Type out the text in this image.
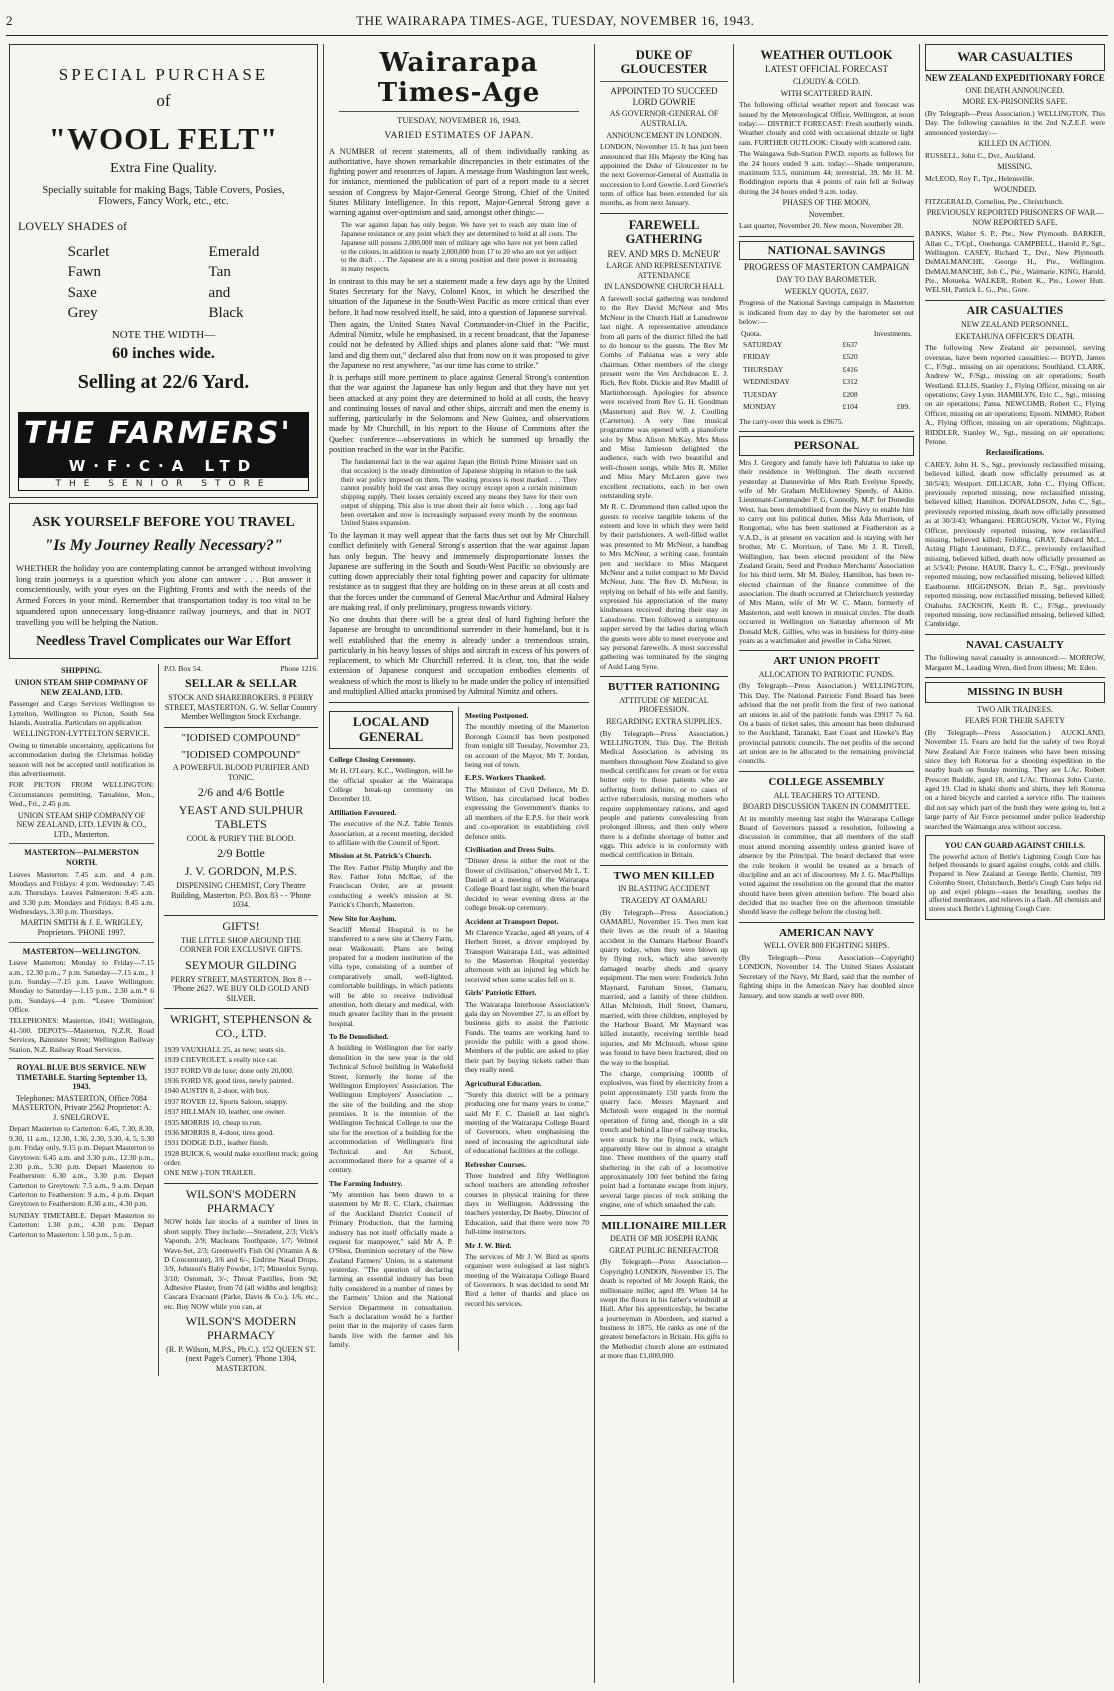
2	THE WAIRARAPA TIMES-AGE, TUESDAY, NOVEMBER 16, 1943.
SPECIAL PURCHASE
of
"WOOL FELT"
Extra Fine Quality.
Specially suitable for making Bags, Table Covers, Posies, Flowers, Fancy Work, etc., etc.
LOVELY SHADES of
Scarlet
Fawn
Saxe
Grey
Emerald
Tan
and
Black
NOTE THE WIDTH—
60 inches wide.
Selling at 22/6 Yard.
THE FARMERS'
W·F·C·A LTD
THE SENIOR STORE
ASK YOURSELF BEFORE YOU TRAVEL
"Is My Journey Really Necessary?"
WHETHER the holiday you are contemplating cannot be arranged without involving long train journeys is a question which you alone can answer . . . But answer it conscientiously, with your eyes on the Fighting Fronts and with the needs of the Armed Forces in your mind. Remember that transportation today is too vital to be squandered upon unnecessary long-distance railway journeys, and that in NOT travelling you will be helping the Nation.
Needless Travel Complicates our War Effort
SHIPPING.
UNION STEAM SHIP COMPANY OF NEW ZEALAND, LTD.
Passenger and Cargo Services Wellington to Lyttelton, Wellington to Picton, South Sea Islands, Australia. Particulars on application
WELLINGTON-LYTTELTON SERVICE.
Owing to timetable uncertainty, applications for accommodation during the Christmas holiday season will not be accepted until notification in this advertisement.
FOR PICTON FROM WELLINGTON: Circumstances permitting. Tamahine, Mon., Wed., Fri., 2.45 p.m.
UNION STEAM SHIP COMPANY OF NEW ZEALAND, LTD. LEVIN & CO., LTD., Masterton.
MASTERTON—PALMERSTON NORTH.
Leaves Masterton: 7.45 a.m. and 4 p.m. Mondays and Fridays: 4 p.m. Wednesday: 7.45 a.m. Thursdays. Leaves Palmerston: 9.45 a.m. and 3.30 p.m. Mondays and Fridays: 8.45 a.m. Wednesdays, 3.30 p.m. Thursdays.
MARTIN SMITH & J. E. WRIGLEY, Proprietors. 'PHONE 1997.
MASTERTON—WELLINGTON.
Leave Masterton: Monday to Friday—7.15 a.m., 12.30 p.m., 7 p.m. Saturday—7.15 a.m., 1 p.m. Sunday—7.15 p.m. Leave Wellington: Monday to Saturday—1.15 p.m., 2.30 a.m.* 6 p.m. Sundays—4 p.m. *Leave 'Dominion' Office.
TELEPHONES: Masterton, 1041; Wellington, 41-500. DEPOTS—Masterton, N.Z.R. Road Services, Bannister Street; Wellington Railway Station, N.Z. Railway Road Services.
ROYAL BLUE BUS SERVICE. NEW TIMETABLE. Starting September 13, 1943.
Telephones: MASTERTON, Office 7084 MASTERTON, Private 2562 Proprietor: A. J. SNELGROVE.
Depart Masterton to Carterton: 6.45, 7.30, 8.30, 9.30, 11 a.m., 12.30, 1.30, 2.30, 3.30, 4, 5, 5.30 p.m. Friday only, 9.15 p.m. Depart Masterton to Greytown: 6.45 a.m. and 3.30 p.m., 12.30 p.m., 2.30 p.m., 5.30 p.m. Depart Masterton to Featherston: 6.30 a.m., 3.30 p.m. Depart Carterton to Greytown: 7.5 a.m., 9 a.m. Depart Carterton to Featherston: 9 a.m., 4 p.m. Depart Greytown to Featherston: 8.30 a.m., 4.30 p.m.
SUNDAY TIMETABLE. Depart Masterton to Carterton: 1.30 p.m., 4.30 p.m. Depart Carterton to Masterton: 1.50 p.m., 5 p.m.
P.O. Box 54.	Phone 1216.
SELLAR & SELLAR
STOCK AND SHAREBROKERS. 8 PERRY STREET, MASTERTON. G. W. Sellar Country Member Wellington Stock Exchange.
"IODISED COMPOUND"
"IODISED COMPOUND"
A POWERFUL BLOOD PURIFIER AND TONIC.
2/6 and 4/6 Bottle
YEAST AND SULPHUR TABLETS
COOL & PURIFY THE BLOOD.
2/9 Bottle
J. V. GORDON, M.P.S.
DISPENSING CHEMIST, Cory Theatre Building, Masterton. P.O. Box 83 - - 'Phone 1034.
GIFTS!
THE LITTLE SHOP AROUND THE CORNER FOR EXCLUSIVE GIFTS.
SEYMOUR GILDING
PERRY STREET, MASTERTON. Box 8 - - 'Phone 2627. WE BUY OLD GOLD AND SILVER.
WRIGHT, STEPHENSON & CO., LTD.
1939 VAUXHALL 25, as new; seats six.
1939 CHEVROLET, a really nice car.
1937 FORD V8 de luxe; done only 20,000.
1936 FORD V8, good tires, newly painted.
1940 AUSTIN 8, 2-door, with box.
1937 ROVER 12, Sports Saloon, snappy.
1937 HILLMAN 10, leather, one owner.
1935 MORRIS 10, cheap to run.
1936 MORRIS 8, 4-door, tires good.
1931 DODGE D.D., leather finish.
1928 BUICK 6, would make excellent truck; going order.
ONE NEW j-TON TRAILER.
WILSON'S MODERN PHARMACY
NOW holds fair stocks of a number of lines in short supply. They include:—Steradent, 2/3; Vick's Vaporub, 2/9; Macleans Toothpaste, 1/7; Velmol Wave-Set, 2/3; Greenwell's Fish Oil (Vitamin A & D Concentrate), 3/6 and 6/-; Endrine Nasal Drops, 3/9, Johnson's Baby Powder, 1/7; Mineolux Syrup, 3/10; Ostomalt, 3/-; Throat Pastilles, from 9d; Adhesive Plaster, from 7d (all widths and lengths); Cascara Evacuant (Parke, Davis & Co.), 1/6, etc., etc. Buy NOW while you can, at
WILSON'S MODERN PHARMACY
(R. P. Wilson, M.P.S., Ph.C.). 152 QUEEN ST. (next Page's Corner). 'Phone 1304, MASTERTON.
Wairarapa Times-Age
TUESDAY, NOVEMBER 16, 1943.
VARIED ESTIMATES OF JAPAN.
A NUMBER of recent statements, all of them individually ranking as authoritative, have shown remarkable discrepancies in their estimates of the fighting power and resources of Japan. A message from Washington last week, for instance, mentioned the publication of part of a report made to a secret session of Congress by Major-General George Strong, Chief of the United States Military Intelligence. In this report, Major-General Strong gave a warning against over-optimism and said, amongst other things:—
The war against Japan has only begun. We have yet to reach any main line of Japanese resistance or any point which they are determined to hold at all costs. The Japanese still possess 2,000,000 men of military age who have not yet been called to the colours, in addition to nearly 2,000,000 from 17 to 20 who are not yet subject to the draft . . . The Japanese are in a strong position and their power is increasing in many respects.
In contrast to this may be set a statement made a few days ago by the United States Secretary for the Navy, Colonel Knox, in which he described the situation of the Japanese in the South-West Pacific as more critical than ever before. It had now resolved itself, he said, into a question of Japanese survival.
Then again, the United States Naval Commander-in-Chief in the Pacific, Admiral Nimitz, while he emphasised, in a recent broadcast, that the Japanese could not be defeated by Allied ships and planes alone said that: "We must land and dig them out," declared also that from now on it was proposed to give the Japanese no rest anywhere, "as our time has come to strike."
It is perhaps still more pertinent to place against General Strong's contention that the war against the Japanese has only begun and that they have not yet been attacked at any point they are determined to hold at all costs, the heavy and continuing losses of naval and other ships, aircraft and men the enemy is suffering, particularly in the Solomons and New Guinea, and observations made by Mr Churchill, in his report to the House of Commons after the Quebec conference—observations in which he summed up broadly the position reached in the war in the Pacific.
The fundamental fact in the war against Japan (the British Prime Minister said on that occasion) is the steady diminution of Japanese shipping in relation to the task their war policy imposed on them. The wasting process is most marked . . . They cannot possibly hold the vast areas they occupy except upon a certain minimum shipping supply. Their losses certainly exceed any means they have for their own output of shipping. This also is true about their air force which . . . long ago had been overtaken and now is increasingly surpassed every month by the enormous United States expansion.
To the layman it may well appear that the facts thus set out by Mr Churchill conflict definitely with General Strong's assertion that the war against Japan has only begun. The heavy and immensely disproportionate losses the Japanese are suffering in the South and South-West Pacific so obviously are cutting down appreciably their total fighting power and capacity for ultimate resistance as to suggest that they are holding on in these areas at all costs and that the forces under the command of General MacArthur and Admiral Halsey are making real, if only preliminary, progress towards victory.
No one doubts that there will be a great deal of hard fighting before the Japanese are brought to unconditional surrender in their homeland, but it is well established that the enemy is already under a tremendous strain, particularly in his heavy losses of ships and aircraft in excess of his powers of replacement, to which Mr Churchill referred. It is clear, too, that the wide extension of Japanese conquest and occupation embodies elements of weakness of which the most is likely to be made under the policy of intensified and multiplied Allied attacks promised by Admiral Nimitz and others.
LOCAL AND GENERAL
College Closing Ceremony.
Mr H. O'Leary, K.C., Wellington, will be the official speaker at the Wairarapa College break-up ceremony on December 10.
Affiliation Favoured.
The executive of the N.Z. Table Tennis Association, at a recent meeting, decided to affiliate with the Council of Sport.
Mission at St. Patrick's Church.
The Rev. Father Philip Murphy and the Rev. Father John McRae, of the Franciscan Order, are at present conducting a week's mission at St. Patrick's Church, Masterton.
New Site for Asylum.
Seacliff Mental Hospital is to be transferred to a new site at Cherry Farm, near Waikouaiti. Plans are being prepared for a modern institution of the villa type, consisting of a number of comparatively small, well-lighted, comfortable buildings, in which patients will be able to receive individual attention, both dietary and medical, with much greater facility than in the present hospital.
To Be Demolished.
A building in Wellington due for early demolition in the new year is the old Technical School building in Wakefield Street, formerly the home of the Wellington Employers' Association. The Wellington Employers' Association ... the site of the building and the shop premises. It is the intention of the Wellington Technical College to use the site for the erection of a building for the accommodation of Wellington's first Technical and Art School, accommodated there for a quarter of a century.
The Farming Industry.
"My attention has been drawn to a statement by Mr R. C. Clark, chairman of the Auckland District Council of Primary Production, that the farming industry has not itself officially made a request for manpower," said Mr A. P. O'Shea, Dominion secretary of the New Zealand Farmers' Union, in a statement yesterday. "The question of declaring farming an essential industry has been fully considered in a number of times by the Farmers' Union and the National Service Department in consultation. Such a declaration would be a further point that in the majority of cases farm hands live with the farmer and his family.
Meeting Postponed.
The monthly meeting of the Masterton Borough Council has been postponed from tonight till Tuesday, November 23, on account of the Mayor, Mr T. Jordan, being out of town.
E.P.S. Workers Thanked.
The Minister of Civil Defence, Mr D. Wilson, has circularised local bodies expressing the Government's thanks to all members of the E.P.S. for their work and co-operation in establishing civil defence units.
Civilisation and Dress Suits.
"Dinner dress is either the root or the flower of civilisation," observed Mr L. T. Daniell at a meeting of the Wairarapa College Board last night, when the board decided to wear evening dress at the college break-up ceremony.
Accident at Transport Depot.
Mr Clarence Yzacke, aged 48 years, of 4 Herbert Street, a driver employed by Transport Wairarapa Ltd., was admitted to the Masterton Hospital yesterday afternoon with an injured leg which he received when some scales fell on it.
Girls' Patriotic Effort.
The Wairarapa Interhouse Association's gala day on November 27, is an effort by business girls to assist the Patriotic Funds. The teams are working hard to provide the public with a good show. Members of the public are asked to play their part by buying tickets rather than they really need.
Agricultural Education.
"Surely this district will be a primary producing one for many years to come," said Mr F. C. Daniell at last night's meeting of the Wairarapa College Board of Governors, when emphasising the need of increasing the agricultural side of educational facilities at the college.
Refresher Courses.
Three hundred and fifty Wellington school teachers are attending refresher courses in physical training for three days in Wellington. Addressing the teachers yesterday, Dr Beeby, Director of Education, said that there were now 70 full-time instructors.
Mr J. W. Bird.
The services of Mr J. W. Bird as sports organiser were eulogised at last night's meeting of the Wairarapa College Board of Governors. It was decided to send Mr Bird a letter of thanks and place on record his services.
DUKE OF GLOUCESTER
APPOINTED TO SUCCEED LORD GOWRIE
AS GOVERNOR-GENERAL OF AUSTRALIA.
ANNOUNCEMENT IN LONDON.
LONDON, November 15. It has just been announced that His Majesty the King has appointed the Duke of Gloucester to be the next Governor-General of Australia in succession to Lord Gowrie. Lord Gowrie's term of office has been extended for six months, as from next January.
FAREWELL GATHERING
REV. AND MRS D. McNEUR'
LARGE AND REPRESENTATIVE ATTENDANCE
IN LANSDOWNE CHURCH HALL
A farewell social gathering was tendered to the Rev David McNeur and Mrs McNeur in the Church Hall at Lansdowne last night. A representative attendance from all parts of the district filled the hall to do honour to the guests. The Rev Mr Combs of Pahiatua was a very able chairman. Other members of the clergy present were the Ven Archdeacon E. J. Rich, Rev Robt. Dickie and Rev Madill of Martinborough. Apologies for absence were received from Rev G. H. Goodman (Masterton) and Rev W. J. Coulling (Carterton). A very fine musical programme was opened with a pianoforte solo by Miss Alison McKay. Mrs Moss and Miss Jamieson delighted the audience, each with two beautiful and well-chosen songs, while Mrs R. Miller and Miss Mary McLaren gave two excellent recitations, each in her own outstanding style.
Mr R. C. Drummond then called upon the guests to receive tangible tokens of the esteem and love in which they were held by their parishioners. A well-filled wallet was presented to Mr McNeur, a handbag to Mrs McNeur, a writing case, fountain pen and necklace to Miss Margaret McNeur and a toilet compact to Mr David McNeur, Junr. The Rev D. McNeur, in replying on behalf of his wife and family, expressed his appreciation of the many kindnesses received during their stay in Lansdowne. Then followed a sumptuous supper served by the ladies during which the guests were able to meet everyone and say personal farewells. A most successful gathering was terminated by the singing of Auld Lang Syne.
BUTTER RATIONING
ATTITUDE OF MEDICAL PROFESSION.
REGARDING EXTRA SUPPLIES.
(By Telegraph—Press Association.) WELLINGTON, This Day. The British Medical Association is advising its members throughout New Zealand to give medical certificates for cream or for extra butter only to those patients who are suffering from definite, or to cases of active tuberculosis, nursing mothers who require supplementary rations, and aged people and patients convalescing from prolonged illness, and then only where there is a definite shortage of butter and eggs. This advice is in conformity with medical certification in Britain.
TWO MEN KILLED
IN BLASTING ACCIDENT
TRAGEDY AT OAMARU
(By Telegraph—Press Association.) OAMARU, November 15. Two men lost their lives as the result of a blasting accident in the Oamaru Harbour Board's quarry today, when they were blown up by flying rock, which also severely damaged nearby sheds and quarry equipment. The men were: Frederick John Maynard, Farnham Street, Oamaru, married, and a family of three children. Allan McIntosh, Hull Street, Oamaru, married, with three children, employed by the Harbour Board. Mr Maynard was killed instantly, receiving terrible head injuries, and Mr McIntosh, whose spine was found to have been fractured, died on the way to the hospital.
The charge, comprising 1000lb of explosives, was fired by electricity from a point approximately 150 yards from the quarry face. Messrs Maynard and McIntosh were engaged in the normal operation of firing and, though in a slit trench and behind a line of railway trucks, were struck by the flying rock, which apparently blew out in almost a straight line. Three members of the quarry staff sheltering in the cab of a locomotive approximately 100 feet behind the firing point had a fortunate escape from injury, several large pieces of rock striking the engine, one of which smashed the cab.
MILLIONAIRE MILLER
DEATH OF MR JOSEPH RANK
GREAT PUBLIC BENEFACTOR
(By Telegraph—Press Association—Copyright) LONDON, November 15. The death is reported of Mr Joseph Rank, the millionaire miller, aged 89. When 14 he swept the floors in his father's windmill at Hull. After his apprenticeship, he became a journeyman in Aberdeen, and started a business in 1875. He ranks as one of the greatest benefactors in Britain. His gifts to the Methodist church alone are estimated at more than £1,000,000.
WAR CASUALTIES
NEW ZEALAND EXPEDITIONARY FORCE
ONE DEATH ANNOUNCED.
MORE EX-PRISONERS SAFE.
(By Telegraph—Press Association.) WELLINGTON, This Day. The following casualties in the 2nd N.Z.E.F. were announced yesterday:—
KILLED IN ACTION.
RUSSELL, John C., Dvr., Auckland.
MISSING.
McLEOD, Roy F., Tpr., Helensville.
WOUNDED.
FITZGERALD, Cornelius, Pte., Christchurch.
PREVIOUSLY REPORTED PRISONERS OF WAR—NOW REPORTED SAFE.
BANKS, Walter S. P., Pte., New Plymouth. BARKER, Allan C., T/Cpl., Onehunga. CAMPBELL, Harold P., Sgt., Wellington. CASEY, Richard T., Dvr., New Plymouth. DeMALMANCHE, George H., Pte., Wellington. DeMALMANCHE, Job C., Pte., Waimarie. KING, Harold, Pte., Motueka. WALKER, Robert K., Pte., Lower Hutt. WELSH, Patrick L. G., Pte., Gore.
AIR CASUALTIES
NEW ZEALAND PERSONNEL.
EKETAHUNA OFFICER'S DEATH.
The following New Zealand air personnel, serving overseas, have been reported casualties:— BOYD, James C., F/Sgt., missing on air operations; Southland. CLARK, Andrew W., F/Sgt., missing on air operations; South Westland. ELLIS, Stanley J., Flying Officer, missing on air operations; Grey Lynn. HAMBLYN, Eric C., Sgt., missing on air operations; Patea. NEWCOMB, Robert C., Flying Officer, missing on air operations; Epsom. NIMMO, Robert A., Flying Officer, missing on air operations; Nightcaps. RIDDLER, Stanley W., Sgt., missing on air operations; Petone.
Reclassifications.
CAREY, John H. S., Sgt., previously reclassified missing, believed killed, death now officially presumed as at 30/5/43; Westport. DILLICAR, John C., Flying Officer, previously reported missing, now reclassified missing, believed killed; Hamilton. DONALDSON, John C., Sgt., previously reported missing, death now officially presumed as at 30/3/43; Whangarei. FERGUSON, Victor W., Flying Officer, previously reported missing, now reclassified missing, believed killed; Feilding. GRAY, Edward McL., Acting Flight Lieutenant, D.F.C., previously reclassified missing, believed killed, death now officially presumed as at 5/3/43; Petone. HAUR, Darcy L. C., F/Sgt., previously reported missing, now reclassified missing, believed killed; Eastbourne. HIGGINSON, Brian P., Sgt., previously reported missing, now reclassified missing, believed killed; Otahuhu. JACKSON, Keith R. C., F/Sgt., previously reported missing, now reclassified missing, believed killed; Cambridge.
NAVAL CASUALTY
The following naval casualty is announced:— MORROW, Margaret M., Leading Wren, died from illness; Mt. Eden.
MISSING IN BUSH
TWO AIR TRAINEES.
FEARS FOR THEIR SAFETY
(By Telegraph—Press Association.) AUCKLAND, November 15. Fears are held for the safety of two Royal New Zealand Air Force trainees who have been missing since they left Rotorua for a shooting expedition in the nearby bush on Sunday morning. They are L/Ac. Robert Prescott Ruddle, aged 18, and L/Ac. Thomas John Currie, aged 19. Clad in khaki shorts and shirts, they left Rotorua on a hired bicycle and carried a service rifle. The trainees did not say which part of the bush they were going to, but a large party of Air Force personnel under police leadership searched the Waimangu area without success.
YOU CAN GUARD AGAINST CHILLS.
The powerful action of Bettle's Lightning Cough Cure has helped thousands to guard against coughs, colds and chills. Prepared in New Zealand at George Bettle, Chemist, 789 Colombo Street, Christchurch, Bettle's Cough Cure helps rid up and expel phlegm—eases the breathing, soothes the affected membranes, and relieves in a flash. All chemists and stores stock Bettle's Lightning Cough Cure.
WEATHER OUTLOOK
LATEST OFFICIAL FORECAST
CLOUDY & COLD.
WITH SCATTERED RAIN.
The following official weather report and forecast was issued by the Meteorological Office, Wellington, at noon today:— DISTRICT FORECAST: Fresh southerly winds. Weather cloudy and cold with occasional drizzle or light rain. FURTHER OUTLOOK: Cloudy with scattered rain.
The Waingawa Sub-Station P.W.D. reports as follows for the 24 hours ended 9 a.m. today:—Shade temperature, maximum 53.5, minimum 44; terrestrial, 39. Mr H. M. Boddington reports that 4 points of rain fell at Solway during the 24 hours ended 9 a.m. today.
PHASES OF THE MOON.
November.
Last quarter, November 20. New moon, November 28.
NATIONAL SAVINGS
PROGRESS OF MASTERTON CAMPAIGN
DAY TO DAY BAROMETER.
WEEKLY QUOTA, £637.
Progress of the National Savings campaign in Masterton is indicated from day to day by the barometer set out below:—
Quota.	Investments.
SATURDAY	£637	
FRIDAY	£520	
THURSDAY	£416	
WEDNESDAY	£312	
TUESDAY	£208	
MONDAY	£104	£89.
The carry-over this week is £9675.
PERSONAL
Mrs J. Gregory and family have left Pahiatua to take up their residence in Wellington. The death occurred yesterday at Dannevirke of Mrs Ruth Evelyne Speedy, wife of Mr Graham McEldowney Speedy, of Akitio. Lieutenant-Commander P. G. Connolly, M.P. for Dunedin West, has been demobilised from the Navy to enable him to carry out his political duties. Miss Ada Morrison, of Rongomai, who has been stationed at Featherston as a V.A.D., is at present on vacation and is staying with her brother, Mr C. Morrison, of Tane. Mr J. R. Tirrell, Wellington, has been elected president of the New Zealand Grain, Seed and Produce Merchants' Association for his third term. Mr M. Bisley, Hamilton, has been re-elected chairman of the finance committee of the association. The death occurred at Christchurch yesterday of Mrs Mann, wife of Mr W. C. Mann, formerly of Masterton, and well known in musical circles. The death occurred in Wellington on Saturday afternoon of Mr Donald McK. Gillies, who was in business for thirty-nine years as a watchmaker and jeweller in Cuba Street.
ART UNION PROFIT
ALLOCATION TO PATRIOTIC FUNDS.
(By Telegraph—Press Association.) WELLINGTON, This Day. The National Patriotic Fund Board has been advised that the net profit from the first of two national art unions in aid of the patriotic funds was £9917 7s 6d. On a basis of ticket sales, this amount has been disbursed to the Auckland, Taranaki, East Coast and Hawke's Bay provincial patriotic councils. The net profits of the second art union are to be allocated to the remaining provincial councils.
COLLEGE ASSEMBLY
ALL TEACHERS TO ATTEND.
BOARD DISCUSSION TAKEN IN COMMITTEE.
At its monthly meeting last night the Wairarapa College Board of Governors passed a resolution, following a discussion in committee, that all members of the staff must attend morning assembly unless granted leave of absence by the Principal. The board declared that were the rule broken it would be treated as a breach of discipline and an act of discourtesy. Mr J. G. MacPhillips voted against the resolution on the ground that the matter should have been given attention before. The board also decided that no teacher free on the afternoon timetable should leave the college before the closing bell.
AMERICAN NAVY
WELL OVER 800 FIGHTING SHIPS.
(By Telegraph—Press Association—Copyright) LONDON, November 14. The United States Assistant Secretary of the Navy, Mr Bard, said that the number of fighting ships in the American Navy has doubled since January, and now stands at well over 800.
